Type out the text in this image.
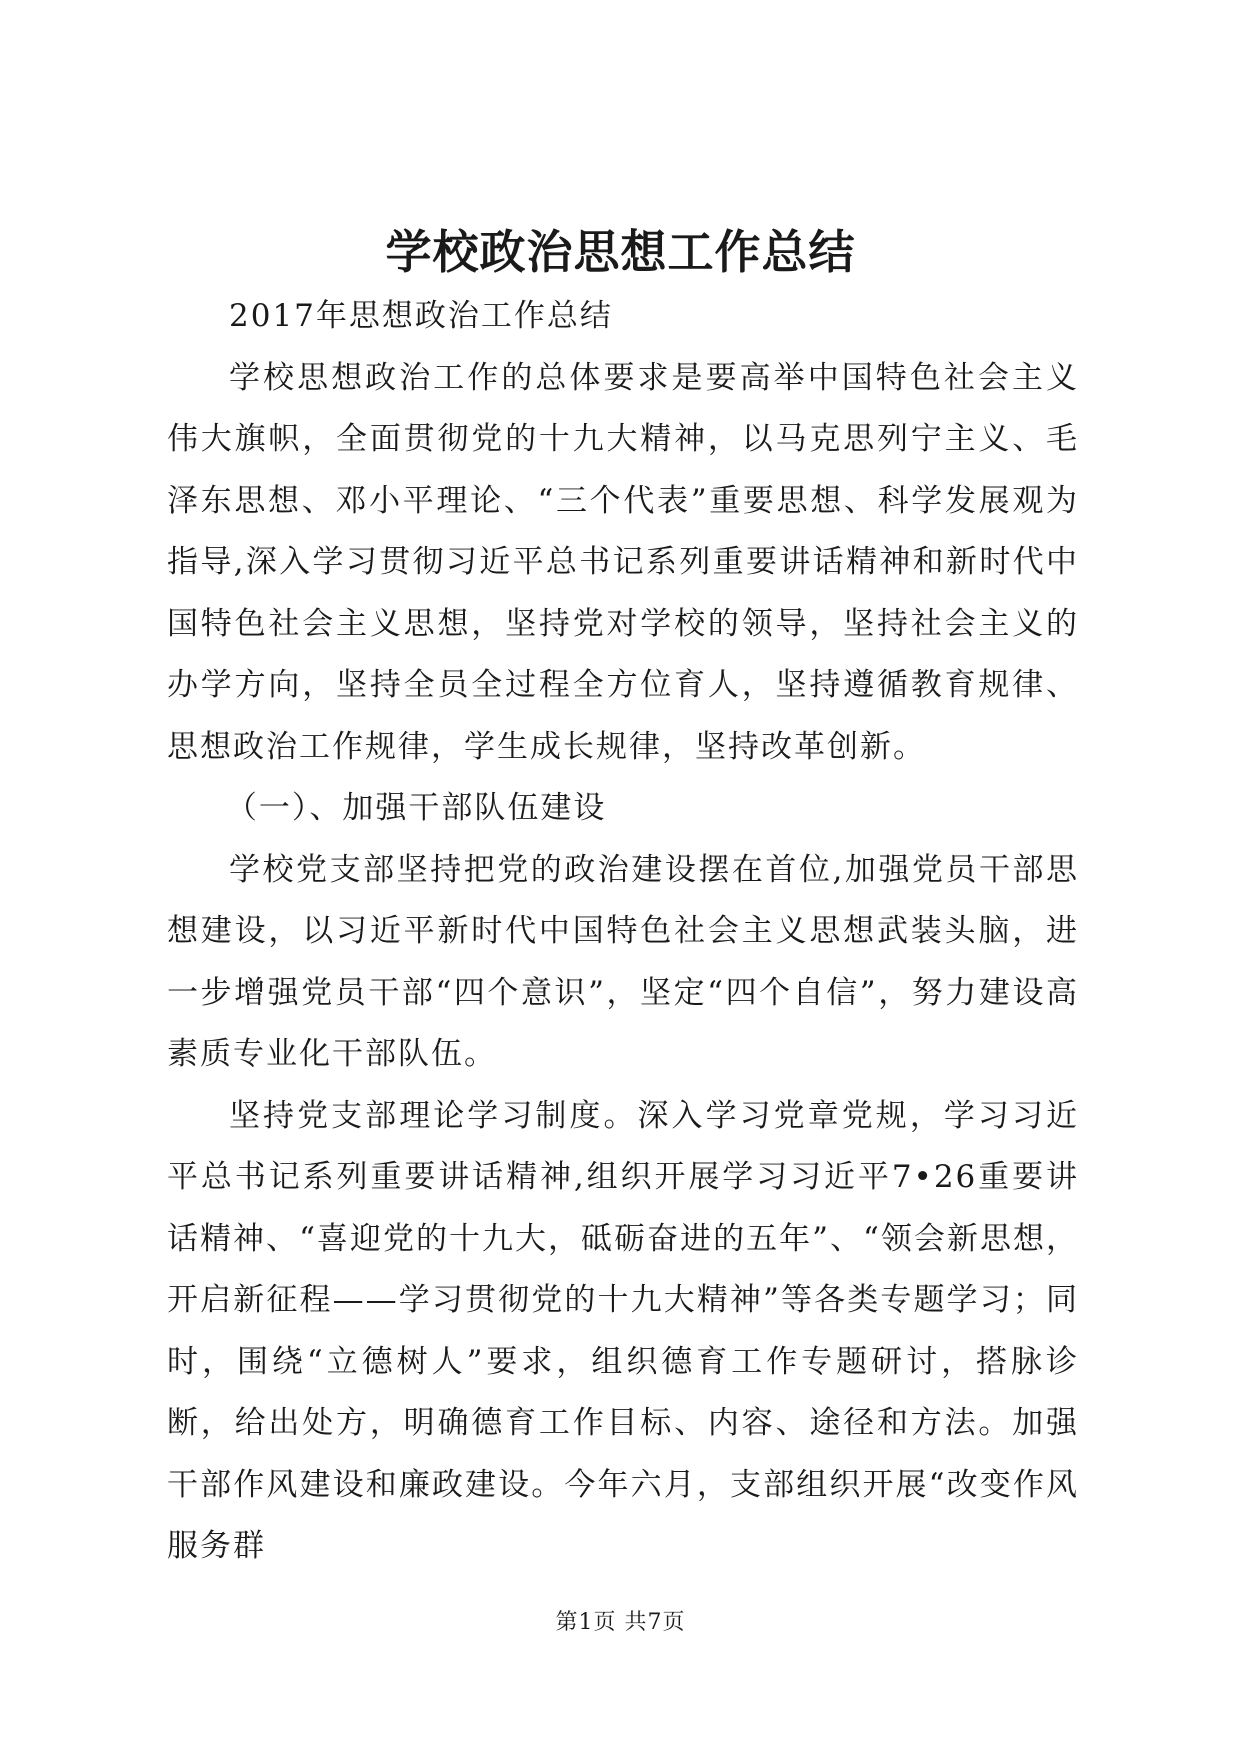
学校政治思想工作总结

2017年思想政治工作总结

学校思想政治工作的总体要求是要高举中国特色社会主义伟大旗帜，全面贯彻党的十九大精神，以马克思列宁主义、毛泽东思想、邓小平理论、“三个代表”重要思想、科学发展观为指导,深入学习贯彻习近平总书记系列重要讲话精神和新时代中国特色社会主义思想，坚持党对学校的领导，坚持社会主义的办学方向，坚持全员全过程全方位育人，坚持遵循教育规律、思想政治工作规律，学生成长规律，坚持改革创新。

（一）、加强干部队伍建设

学校党支部坚持把党的政治建设摆在首位,加强党员干部思想建设，以习近平新时代中国特色社会主义思想武装头脑，进一步增强党员干部“四个意识”，坚定“四个自信”，努力建设高素质专业化干部队伍。

坚持党支部理论学习制度。深入学习党章党规，学习习近平总书记系列重要讲话精神,组织开展学习习近平7•26重要讲话精神、“喜迎党的十九大，砥砺奋进的五年”、“领会新思想，开启新征程——学习贯彻党的十九大精神”等各类专题学习；同时，围绕“立德树人”要求，组织德育工作专题研讨，搭脉诊断，给出处方，明确德育工作目标、内容、途径和方法。加强干部作风建设和廉政建设。今年六月，支部组织开展“改变作风服务群

第1页 共7页
